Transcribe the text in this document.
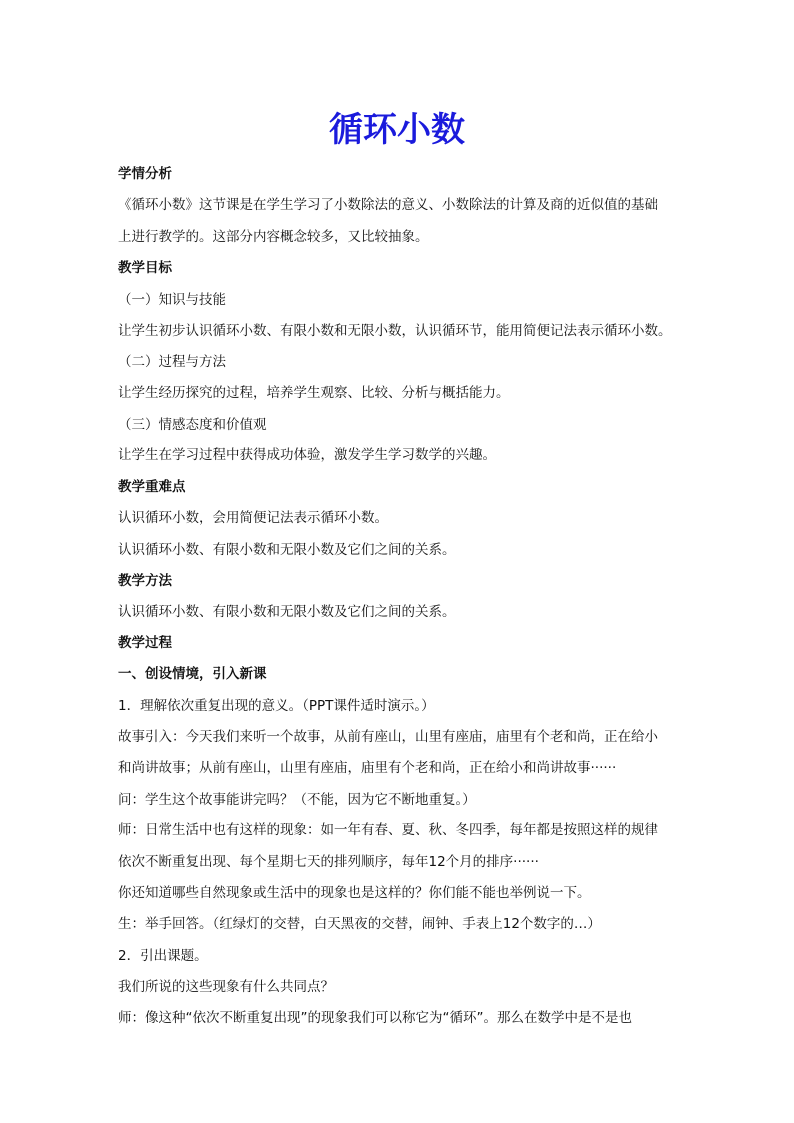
循环小数
学情分析
《循环小数》这节课是在学生学习了小数除法的意义、小数除法的计算及商的近似值的基础
上进行教学的。这部分内容概念较多，又比较抽象。
教学目标
（一）知识与技能
让学生初步认识循环小数、有限小数和无限小数，认识循环节，能用简便记法表示循环小数。
（二）过程与方法
让学生经历探究的过程，培养学生观察、比较、分析与概括能力。
（三）情感态度和价值观
让学生在学习过程中获得成功体验，激发学生学习数学的兴趣。
教学重难点
认识循环小数，会用简便记法表示循环小数。
认识循环小数、有限小数和无限小数及它们之间的关系。
教学方法
认识循环小数、有限小数和无限小数及它们之间的关系。
教学过程
一、创设情境，引入新课
1．理解依次重复出现的意义。（PPT课件适时演示。）
故事引入：今天我们来听一个故事，从前有座山，山里有座庙，庙里有个老和尚，正在给小
和尚讲故事；从前有座山，山里有座庙，庙里有个老和尚，正在给小和尚讲故事······
问：学生这个故事能讲完吗？（不能，因为它不断地重复。）
师：日常生活中也有这样的现象：如一年有春、夏、秋、冬四季，每年都是按照这样的规律
依次不断重复出现、每个星期七天的排列顺序，每年12个月的排序······
你还知道哪些自然现象或生活中的现象也是这样的？你们能不能也举例说一下。
生：举手回答。（红绿灯的交替，白天黑夜的交替，闹钟、手表上12个数字的…）
2．引出课题。
我们所说的这些现象有什么共同点？
师：像这种“依次不断重复出现”的现象我们可以称它为“循环”。那么在数学中是不是也
